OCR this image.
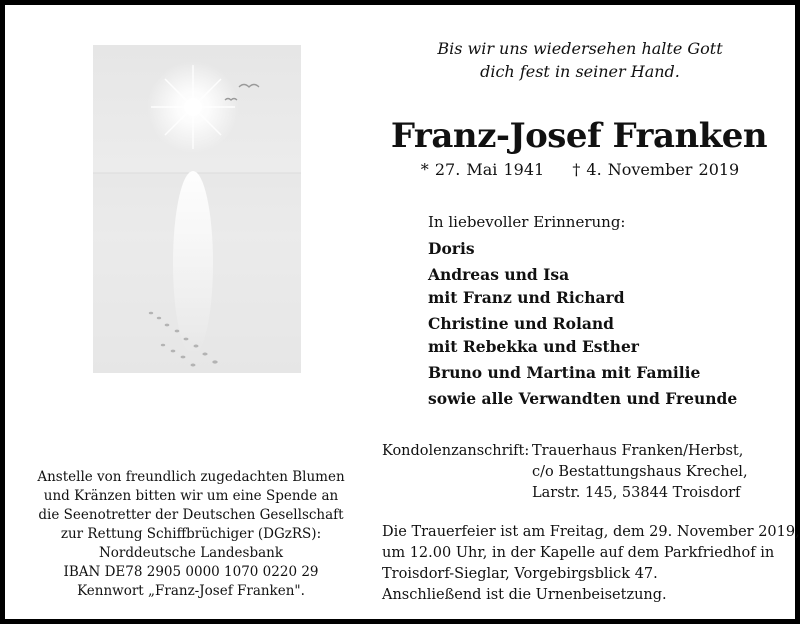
Bis wir uns wiedersehen halte Gott
dich fest in seiner Hand.
Franz-Josef Franken
* 27. Mai 1941 † 4. November 2019
In liebevoller Erinnerung:
Doris
Andreas und Isa
mit Franz und Richard
Christine und Roland
mit Rebekka und Esther
Bruno und Martina mit Familie
sowie alle Verwandten und Freunde
Anstelle von freundlich zugedachten Blumen
und Kränzen bitten wir um eine Spende an
die Seenotretter der Deutschen Gesellschaft
zur Rettung Schiffbrüchiger (DGzRS):
Norddeutsche Landesbank
IBAN DE78 2905 0000 1070 0220 29
Kennwort „Franz-Josef Franken".
Kondolenzanschrift: Trauerhaus Franken/Herbst,
c/o Bestattungshaus Krechel,
Larstr. 145, 53844 Troisdorf
Die Trauerfeier ist am Freitag, dem 29. November 2019,
um 12.00 Uhr, in der Kapelle auf dem Parkfriedhof in
Troisdorf-Sieglar, Vorgebirgsblick 47.
Anschließend ist die Urnenbeisetzung.
